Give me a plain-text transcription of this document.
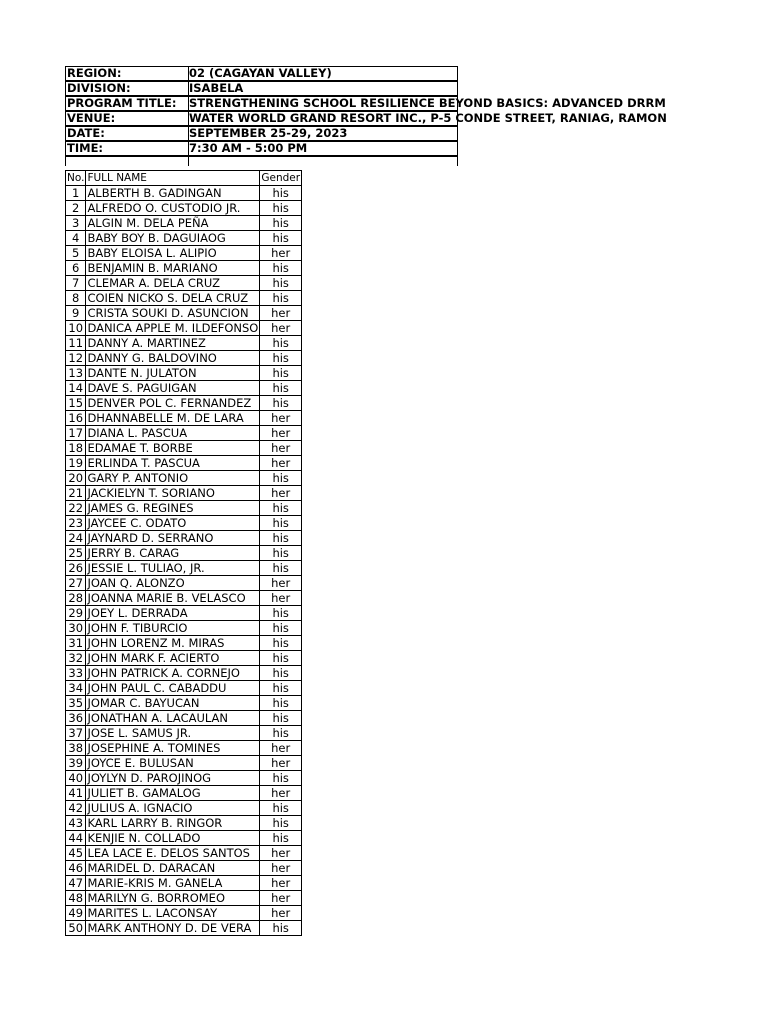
REGION:	02 (CAGAYAN VALLEY)
DIVISION:	ISABELA
PROGRAM TITLE:	STRENGTHENING SCHOOL RESILIENCE BEYOND BASICS: ADVANCED DRRM
VENUE:	WATER WORLD GRAND RESORT INC., P-5 CONDE STREET, RANIAG, RAMON
DATE:	SEPTEMBER 25-29, 2023
TIME:	7:30 AM - 5:00 PM
No.	FULL NAME	Gender
1	ALBERTH B. GADINGAN	his
2	ALFREDO O. CUSTODIO JR.	his
3	ALGIN M. DELA PEÑA	his
4	BABY BOY B. DAGUIAOG	his
5	BABY ELOISA L. ALIPIO	her
6	BENJAMIN B. MARIANO	his
7	CLEMAR A. DELA CRUZ	his
8	COIEN NICKO S. DELA CRUZ	his
9	CRISTA SOUKI D. ASUNCION	her
10	DANICA APPLE M. ILDEFONSO	her
11	DANNY A. MARTINEZ	his
12	DANNY G. BALDOVINO	his
13	DANTE N. JULATON	his
14	DAVE S. PAGUIGAN	his
15	DENVER POL C. FERNANDEZ	his
16	DHANNABELLE M. DE LARA	her
17	DIANA L. PASCUA	her
18	EDAMAE T. BORBE	her
19	ERLINDA T. PASCUA	her
20	GARY P. ANTONIO	his
21	JACKIELYN T. SORIANO	her
22	JAMES G. REGINES	his
23	JAYCEE C. ODATO	his
24	JAYNARD D. SERRANO	his
25	JERRY B. CARAG	his
26	JESSIE L. TULIAO, JR.	his
27	JOAN Q. ALONZO	her
28	JOANNA MARIE B. VELASCO	her
29	JOEY L. DERRADA	his
30	JOHN F. TIBURCIO	his
31	JOHN LORENZ M. MIRAS	his
32	JOHN MARK F. ACIERTO	his
33	JOHN PATRICK A. CORNEJO	his
34	JOHN PAUL C. CABADDU	his
35	JOMAR C. BAYUCAN	his
36	JONATHAN A. LACAULAN	his
37	JOSE L. SAMUS JR.	his
38	JOSEPHINE A. TOMINES	her
39	JOYCE E. BULUSAN	her
40	JOYLYN D. PAROJINOG	his
41	JULIET B. GAMALOG	her
42	JULIUS A. IGNACIO	his
43	KARL LARRY B. RINGOR	his
44	KENJIE N. COLLADO	his
45	LEA LACE E. DELOS SANTOS	her
46	MARIDEL D. DARACAN	her
47	MARIE-KRIS M. GANELA	her
48	MARILYN G. BORROMEO	her
49	MARITES L. LACONSAY	her
50	MARK ANTHONY D. DE VERA	his
